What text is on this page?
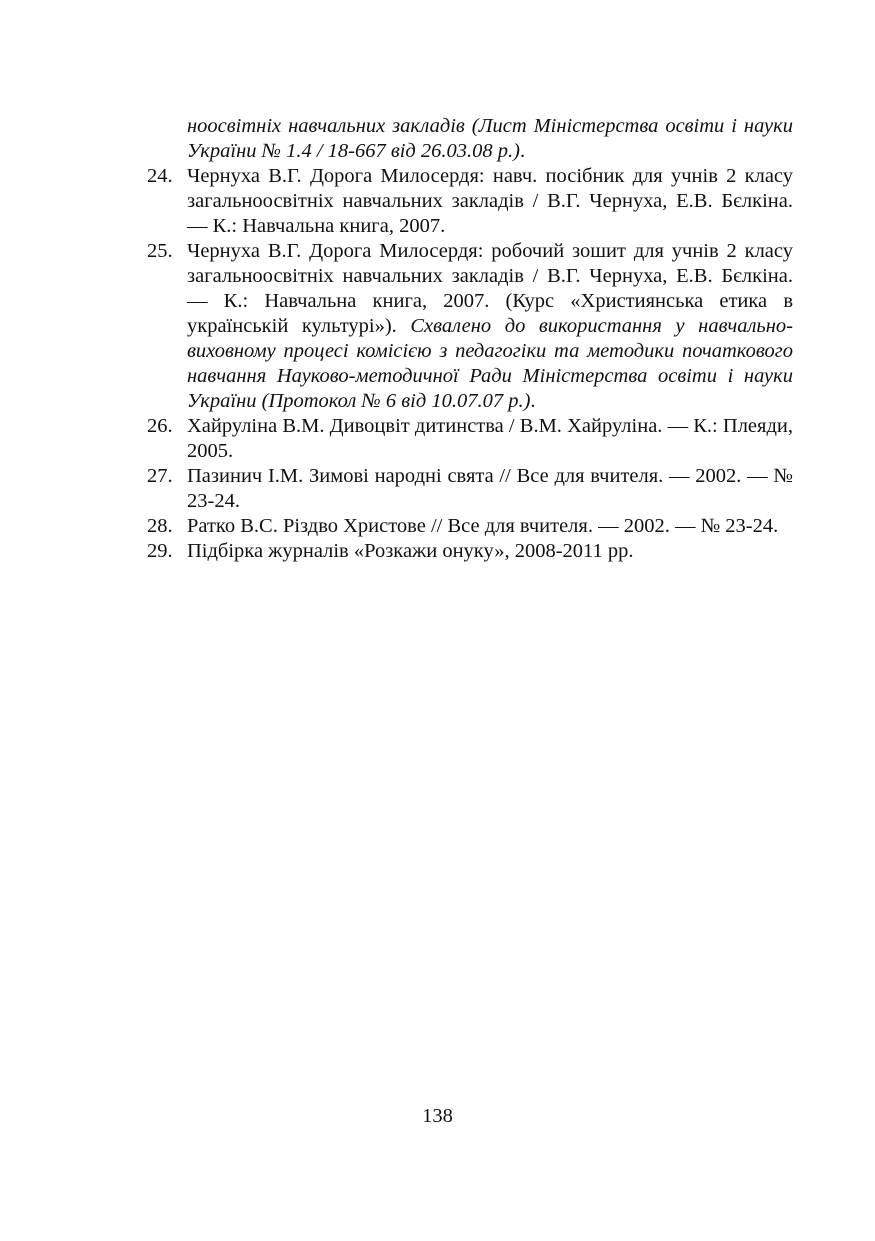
ноосвітніх навчальних закладів (Лист Міністерства освіти і науки України № 1.4 / 18-667 від 26.03.08 р.).
24. Чернуха В.Г. Дорога Милосердя: навч. посібник для учнів 2 класу загальноосвітніх навчальних закладів / В.Г. Чернуха, Е.В. Бєлкіна. — К.: Навчальна книга, 2007.
25. Чернуха В.Г. Дорога Милосердя: робочий зошит для учнів 2 класу загальноосвітніх навчальних закладів / В.Г. Чернуха, Е.В. Бєлкіна. — К.: Навчальна книга, 2007. (Курс «Християнська етика в українській культурі»). Схвалено до використання у навчально-виховному процесі комісією з педагогіки та методики початкового навчання Науково-методичної Ради Міністерства освіти і науки України (Протокол № 6 від 10.07.07 р.).
26. Хайруліна В.М. Дивоцвіт дитинства / В.М. Хайруліна. — К.: Плеяди, 2005.
27. Пазинич І.М. Зимові народні свята // Все для вчителя. — 2002. — № 23-24.
28. Ратко В.С. Різдво Христове // Все для вчителя. — 2002. — № 23-24.
29. Підбірка журналів «Розкажи онуку», 2008-2011 рр.
138
